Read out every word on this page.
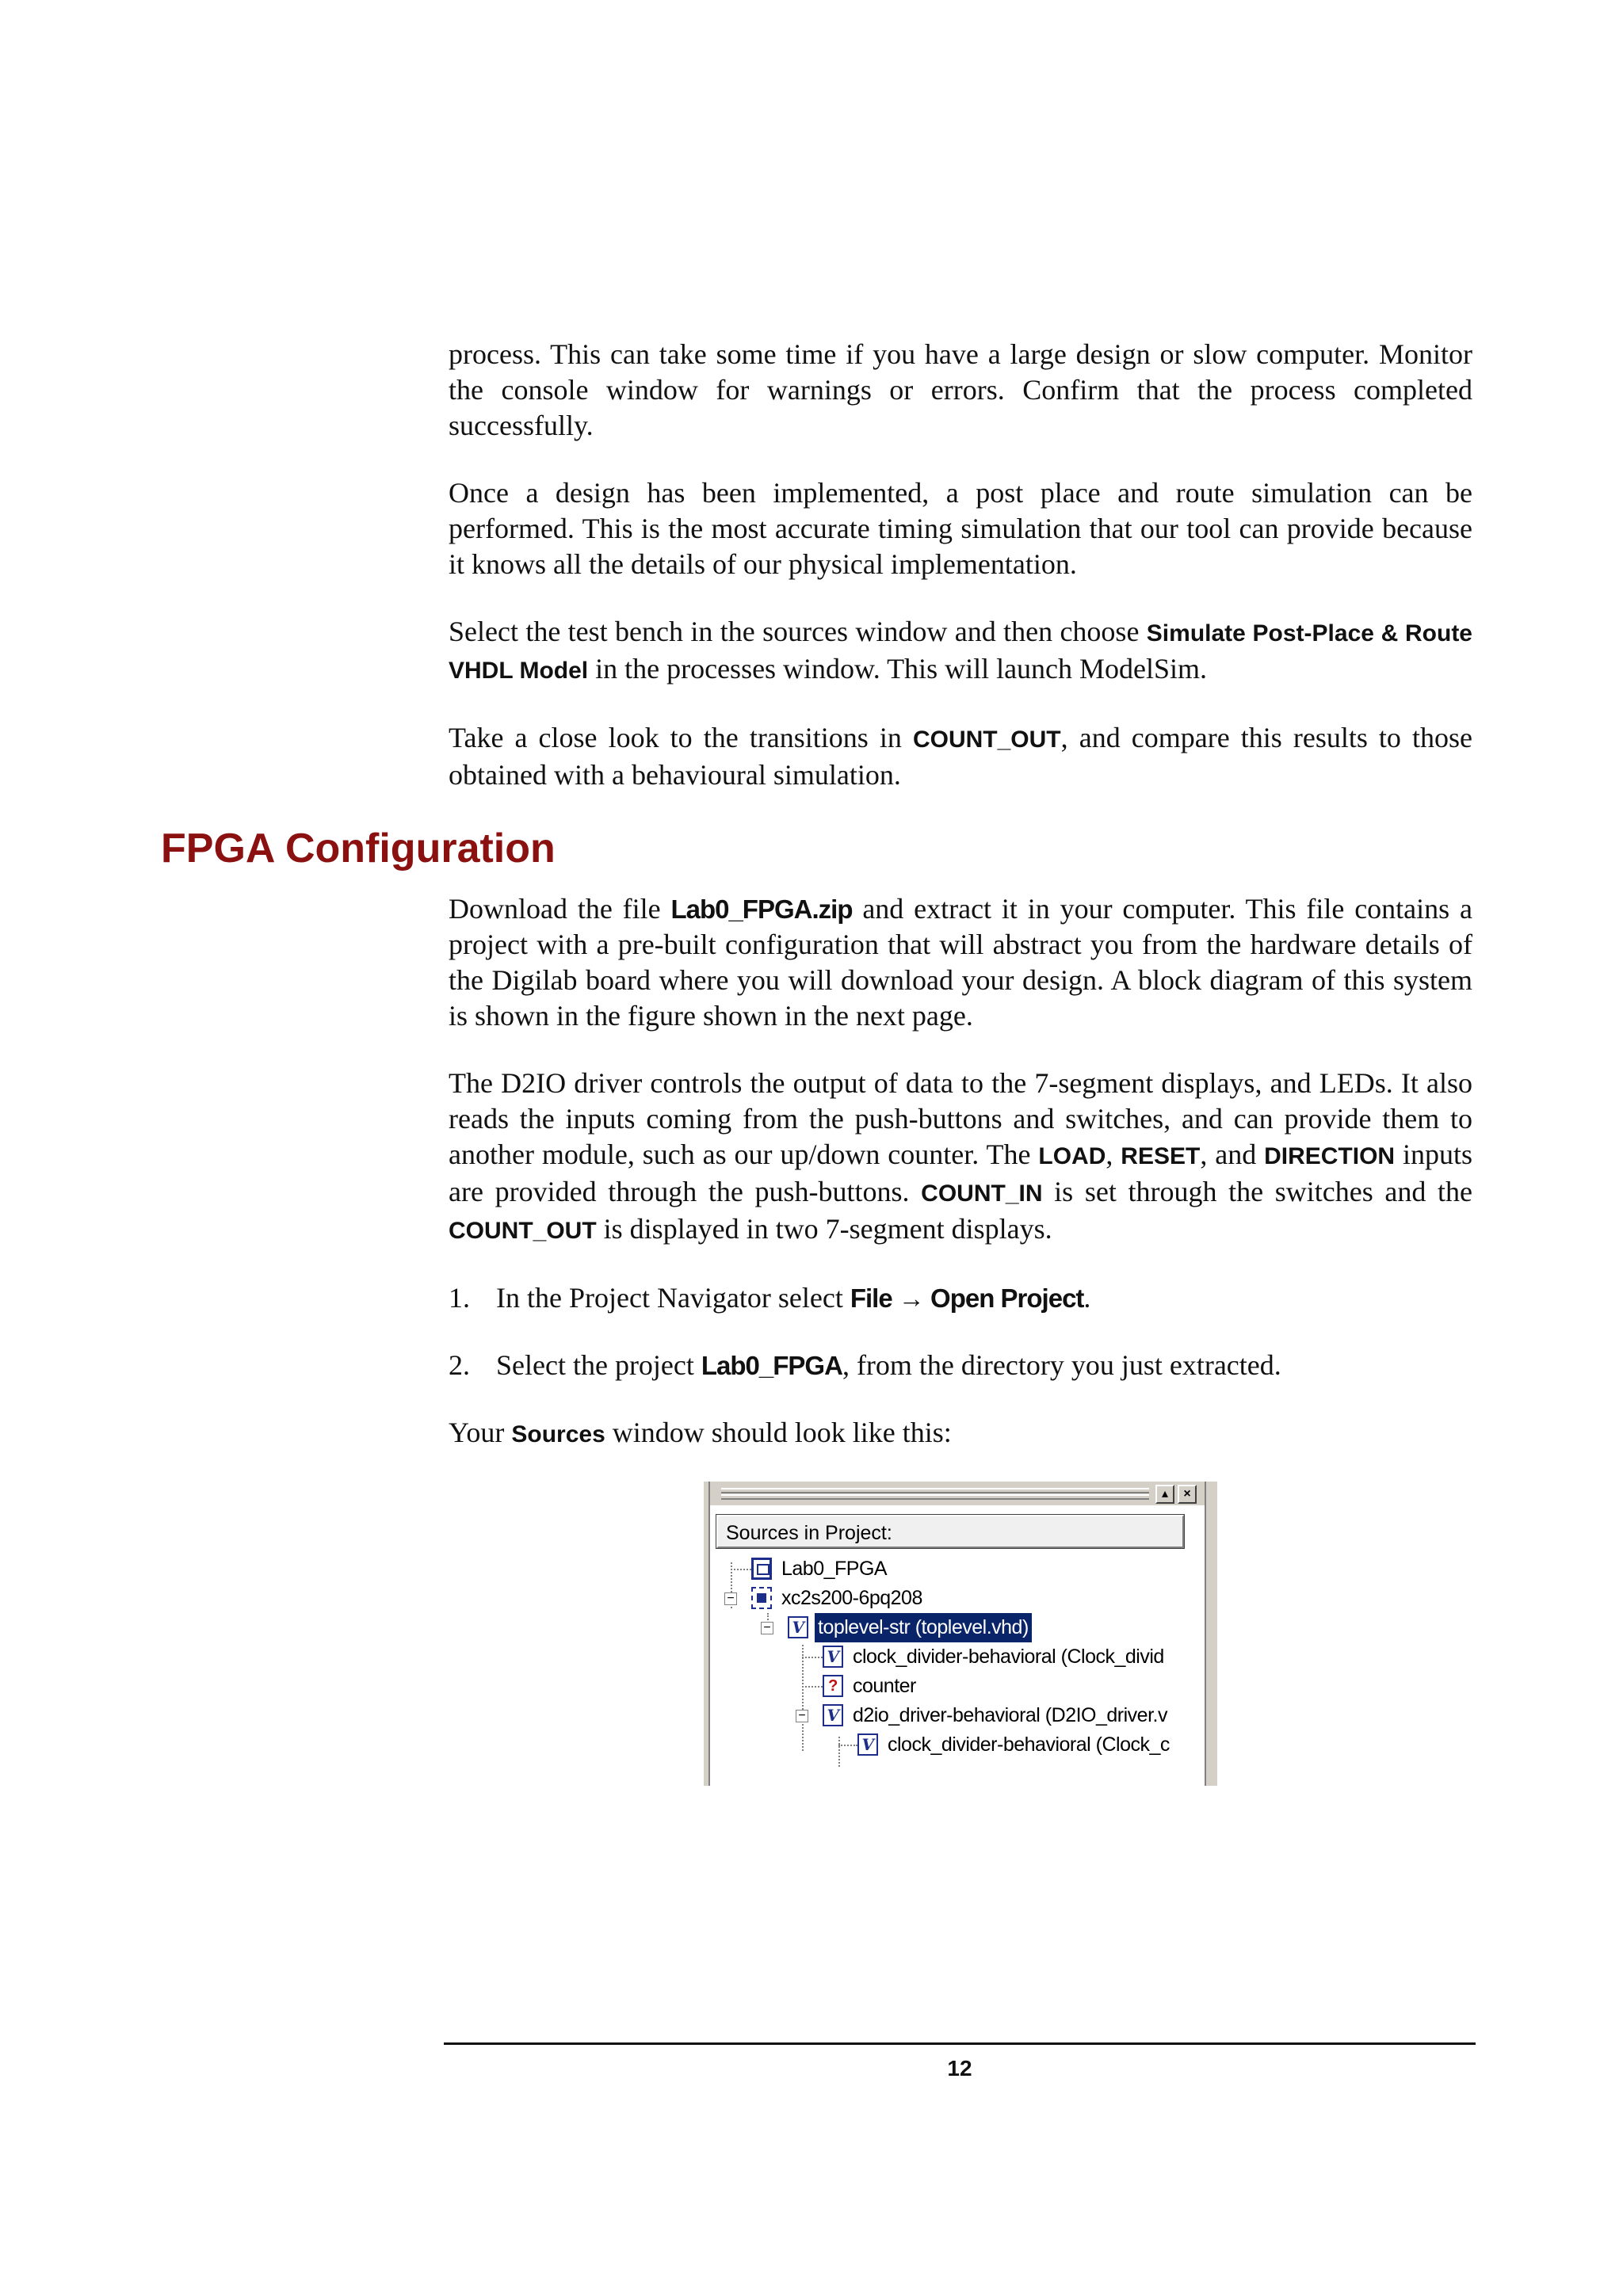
process. This can take some time if you have a large design or slow computer. Monitor the console window for warnings or errors. Confirm that the process completed successfully.

Once a design has been implemented, a post place and route simulation can be performed. This is the most accurate timing simulation that our tool can provide because it knows all the details of our physical implementation.

Select the test bench in the sources window and then choose Simulate Post-Place & Route VHDL Model in the processes window. This will launch ModelSim.

Take a close look to the transitions in COUNT_OUT, and compare this results to those obtained with a behavioural simulation.

FPGA Configuration

Download the file Lab0_FPGA.zip and extract it in your computer. This file contains a project with a pre-built configuration that will abstract you from the hardware details of the Digilab board where you will download your design. A block diagram of this system is shown in the figure shown in the next page.

The D2IO driver controls the output of data to the 7-segment displays, and LEDs. It also reads the inputs coming from the push-buttons and switches, and can provide them to another module, such as our up/down counter. The LOAD, RESET, and DIRECTION inputs are provided through the push-buttons. COUNT_IN is set through the switches and the COUNT_OUT is displayed in two 7-segment displays.

1. In the Project Navigator select File → Open Project.
2. Select the project Lab0_FPGA, from the directory you just extracted.

Your Sources window should look like this:

▴	×
Sources in Project:
Lab0_FPGA
−	xc2s200-6pq208
− V toplevel-str (toplevel.vhd)
V clock_divider-behavioral (Clock_divid
? counter
− V d2io_driver-behavioral (D2IO_driver.v
V clock_divider-behavioral (Clock_c
12
